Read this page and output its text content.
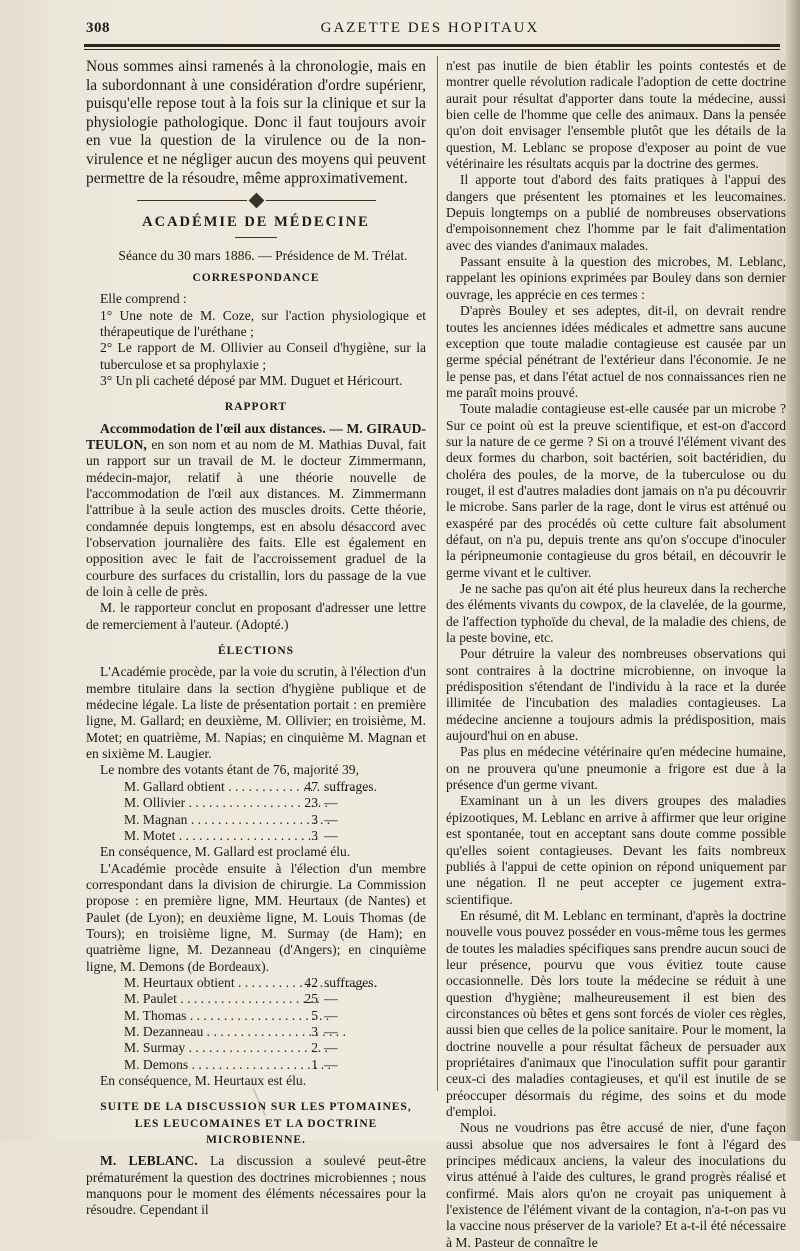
308	GAZETTE DES HOPITAUX

Nous sommes ainsi ramenés à la chronologie, mais en la subordonnant à une considération d'ordre supérienr, puisqu'elle repose tout à la fois sur la clinique et sur la physiologie pathologique. Donc il faut toujours avoir en vue la question de la virulence ou de la non-virulence et ne négliger aucun des moyens qui peuvent permettre de la résoudre, même approximativement.

ACADÉMIE DE MÉDECINE

Séance du 30 mars 1886. — Présidence de M. Trélat.

CORRESPONDANCE

Elle comprend :

1° Une note de M. Coze, sur l'action physiologique et thérapeutique de l'uréthane ;

2° Le rapport de M. Ollivier au Conseil d'hygiène, sur la tuberculose et sa prophylaxie ;

3° Un pli cacheté déposé par MM. Duguet et Héricourt.

RAPPORT

Accommodation de l'œil aux distances. — M. GIRAUD-TEULON, en son nom et au nom de M. Mathias Duval, fait un rapport sur un travail de M. le docteur Zimmermann, médecin-major, relatif à une théorie nouvelle de l'accommodation de l'œil aux distances. M. Zimmermann l'attribue à la seule action des muscles droits. Cette théorie, condamnée depuis longtemps, est en absolu désaccord avec l'observation journalière des faits. Elle est également en opposition avec le fait de l'accroissement graduel de la courbure des surfaces du cristallin, lors du passage de la vue de loin à celle de près.

M. le rapporteur conclut en proposant d'adresser une lettre de remerciement à l'auteur. (Adopté.)

ÉLECTIONS

L'Académie procède, par la voie du scrutin, à l'élection d'un membre titulaire dans la section d'hygiène publique et de médecine légale. La liste de présentation portait : en première ligne, M. Gallard; en deuxième, M. Ollivier; en troisième, M. Motet; en quatrième, M. Napias; en cinquième M. Magnan et en sixième M. Laugier.

Le nombre des votants étant de 76, majorité 39,

M. Gallard obtient . . .	47 suffrages.
M. Ollivier . . .	23 —
M. Magnan . . .	3 —
M. Motet . . .	3 —

En conséquence, M. Gallard est proclamé élu.

L'Académie procède ensuite à l'élection d'un membre correspondant dans la division de chirurgie. La Commission propose : en première ligne, MM. Heurtaux (de Nantes) et Paulet (de Lyon); en deuxième ligne, M. Louis Thomas (de Tours); en troisième ligne, M. Surmay (de Ham); en quatrième ligne, M. Dezanneau (d'Angers); en cinquième ligne, M. Demons (de Bordeaux).

M. Heurtaux obtient . . .	42 suffrages.
M. Paulet . . .	25 —
M. Thomas . . .	5 —
M. Dezanneau . . .	3 —
M. Surmay . . .	2 —
M. Demons . . .	1 —

En conséquence, M. Heurtaux est élu.

SUITE DE LA DISCUSSION SUR LES PTOMAINES, LES LEUCOMAINES ET LA DOCTRINE MICROBIENNE.

M. LEBLANC. La discussion a soulevé peut-être prématurément la question des doctrines microbiennes ; nous manquons pour le moment des éléments nécessaires pour la résoudre. Cependant il

n'est pas inutile de bien établir les points contestés et de montrer quelle révolution radicale l'adoption de cette doctrine aurait pour résultat d'apporter dans toute la médecine, aussi bien celle de l'homme que celle des animaux. Dans la pensée qu'on doit envisager l'ensemble plutôt que les détails de la question, M. Leblanc se propose d'exposer au point de vue vétérinaire les résultats acquis par la doctrine des germes.

Il apporte tout d'abord des faits pratiques à l'appui des dangers que présentent les ptomaines et les leucomaines. Depuis longtemps on a publié de nombreuses observations d'empoisonnement chez l'homme par le fait d'alimentation avec des viandes d'animaux malades.

Passant ensuite à la question des microbes, M. Leblanc, rappelant les opinions exprimées par Bouley dans son dernier ouvrage, les apprécie en ces termes :

D'après Bouley et ses adeptes, dit-il, on devrait rendre toutes les anciennes idées médicales et admettre sans aucune exception que toute maladie contagieuse est causée par un germe spécial pénétrant de l'extérieur dans l'économie. Je ne le pense pas, et dans l'état actuel de nos connaissances rien ne me paraît moins prouvé.

Toute maladie contagieuse est-elle causée par un microbe ? Sur ce point où est la preuve scientifique, et est-on d'accord sur la nature de ce germe ? Si on a trouvé l'élément vivant des deux formes du charbon, soit bactérien, soit bactéridien, du choléra des poules, de la morve, de la tuberculose ou du rouget, il est d'autres maladies dont jamais on n'a pu découvrir le microbe. Sans parler de la rage, dont le virus est atténué ou exaspéré par des procédés où cette culture fait absolument défaut, on n'a pu, depuis trente ans qu'on s'occupe d'inoculer la péripneumonie contagieuse du gros bétail, en découvrir le germe vivant et le cultiver.

Je ne sache pas qu'on ait été plus heureux dans la recherche des éléments vivants du cowpox, de la clavelée, de la gourme, de l'affection typhoïde du cheval, de la maladie des chiens, de la peste bovine, etc.

Pour détruire la valeur des nombreuses observations qui sont contraires à la doctrine microbienne, on invoque la prédisposition s'étendant de l'individu à la race et la durée illimitée de l'incubation des maladies contagieuses. La médecine ancienne a toujours admis la prédisposition, mais aujourd'hui on en abuse.

Pas plus en médecine vétérinaire qu'en médecine humaine, on ne prouvera qu'une pneumonie a frigore est due à la présence d'un germe vivant.

Examinant un à un les divers groupes des maladies épizootiques, M. Leblanc en arrive à affirmer que leur origine est spontanée, tout en acceptant sans doute comme possible qu'elles soient contagieuses. Devant les faits nombreux publiés à l'appui de cette opinion on répond uniquement par une négation. Il ne peut accepter ce jugement extra-scientifique.

En résumé, dit M. Leblanc en terminant, d'après la doctrine nouvelle vous pouvez posséder en vous-même tous les germes de toutes les maladies spécifiques sans prendre aucun souci de leur présence, pourvu que vous évitiez toute cause occasionnelle. Dès lors toute la médecine se réduit à une question d'hygiène; malheureusement il est bien des circonstances où bêtes et gens sont forcés de violer ces règles, aussi bien que celles de la police sanitaire. Pour le moment, la doctrine nouvelle a pour résultat fâcheux de persuader aux propriétaires d'animaux que l'inoculation suffit pour garantir ceux-ci des maladies contagieuses, et qu'il est inutile de se préoccuper désormais du régime, des soins et du mode d'emploi.

Nous ne voudrions pas être accusé de nier, d'une façon aussi absolue que nos adversaires le font à l'égard des principes médicaux anciens, la valeur des inoculations du virus atténué à l'aide des cultures, le grand progrès réalisé et confirmé. Mais alors qu'on ne croyait pas uniquement à l'existence de l'élément vivant de la contagion, n'a-t-on pas vu la vaccine nous préserver de la variole? Et a-t-il été nécessaire à M. Pasteur de connaître le
